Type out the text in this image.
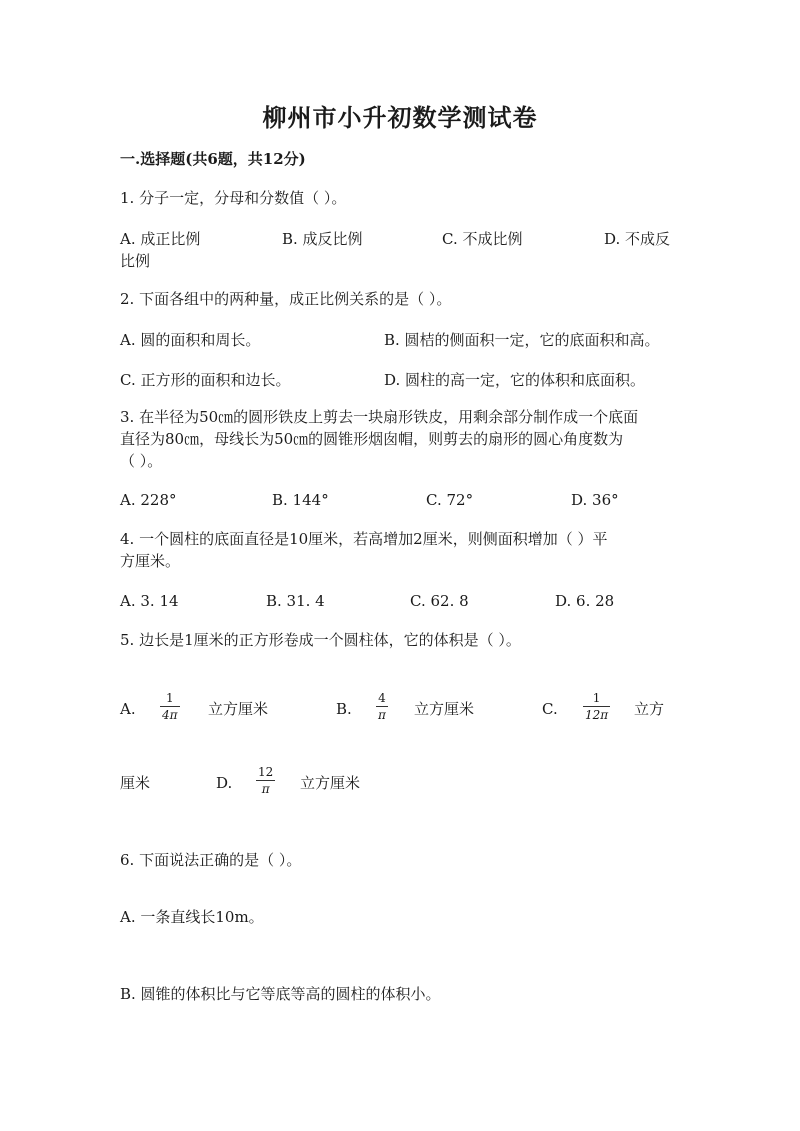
柳州市小升初数学测试卷
一.选择题(共6题，共12分)
1. 分子一定，分母和分数值（ ）。
A. 成正比例	B. 成反比例	C. 不成比例	D. 不成反
比例
2. 下面各组中的两种量，成正比例关系的是（ ）。
A. 圆的面积和周长。	B. 圆桔的侧面积一定，它的底面积和高。
C. 正方形的面积和边长。	D. 圆柱的高一定，它的体积和底面积。
3. 在半径为50㎝的圆形铁皮上剪去一块扇形铁皮，用剩余部分制作成一个底面
直径为80㎝，母线长为50㎝的圆锥形烟囱帽，则剪去的扇形的圆心角度数为
（ ）。
A. 228°	B. 144°	C. 72°	D. 36°
4. 一个圆柱的底面直径是10厘米，若高增加2厘米，则侧面积增加（ ）平
方厘米。
A. 3. 14	B. 31. 4	C. 62. 8	D. 6. 28
5. 边长是1厘米的正方形卷成一个圆柱体，它的体积是（ ）。
A.
1
4π 立方厘米	B.
4
π 立方厘米	C.
1
12π 立方
厘米	D.
12
π 立方厘米
6. 下面说法正确的是（ ）。
A. 一条直线长10m。
B. 圆锥的体积比与它等底等高的圆柱的体积小。
